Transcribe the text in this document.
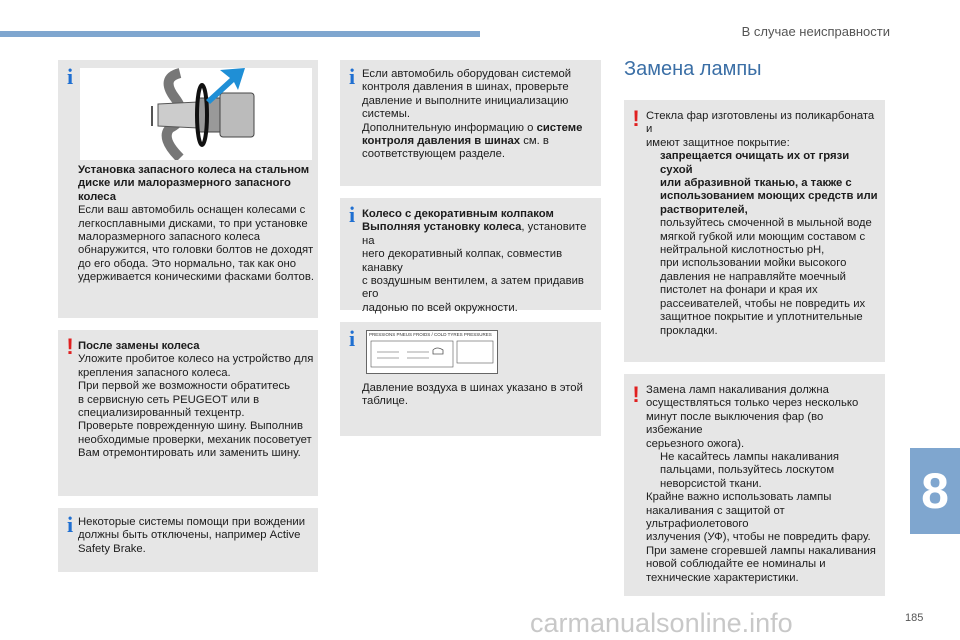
В случае неисправности
i
Установка запасного колеса на стальном диске или малоразмерного запасного колеса
Если ваш автомобиль оснащен колесами с
легкосплавными дисками, то при установке
малоразмерного запасного колеса
обнаружится, что головки болтов не доходят
до его обода. Это нормально, так как оно
удерживается коническими фасками болтов.
! После замены колеса
Уложите пробитое колесо на устройство для
крепления запасного колеса.
При первой же возможности обратитесь
в сервисную сеть PEUGEOT или в
специализированный техцентр.
Проверьте поврежденную шину. Выполнив
необходимые проверки, механик посоветует
Вам отремонтировать или заменить шину.
i Некоторые системы помощи при вождении
должны быть отключены, например Active
Safety Brake.
i Если автомобиль оборудован системой
контроля давления в шинах, проверьте
давление и выполните инициализацию
системы.
Дополнительную информацию о системе
контроля давления в шинах см. в
соответствующем разделе.
i Колесо с декоративным колпаком
Выполняя установку колеса, установите на
него декоративный колпак, совместив канавку
с воздушным вентилем, а затем придавив его
ладонью по всей окружности.
i	PRESSIONS PNEUS FROIDS / COLD TYRES PRESSURES
Давление воздуха в шинах указано в этой
таблице.
Замена лампы
! Стекла фар изготовлены из поликарбоната и
имеют защитное покрытие:
запрещается очищать их от грязи сухой
или абразивной тканью, а также с
использованием моющих средств или
растворителей,
пользуйтесь смоченной в мыльной воде
мягкой губкой или моющим составом с
нейтральной кислотностью pH,
при использовании мойки высокого
давления не направляйте моечный
пистолет на фонари и края их
рассеивателей, чтобы не повредить их
защитное покрытие и уплотнительные
прокладки.
! Замена ламп накаливания должна
осуществляться только через несколько
минут после выключения фар (во избежание
серьезного ожога).
Не касайтесь лампы накаливания
пальцами, пользуйтесь лоскутом
неворсистой ткани.
Крайне важно использовать лампы
накаливания с защитой от ультрафиолетового
излучения (УФ), чтобы не повредить фару.
При замене сгоревшей лампы накаливания
новой соблюдайте ее номиналы и
технические характеристики.
8
carmanualsonline.info	185
